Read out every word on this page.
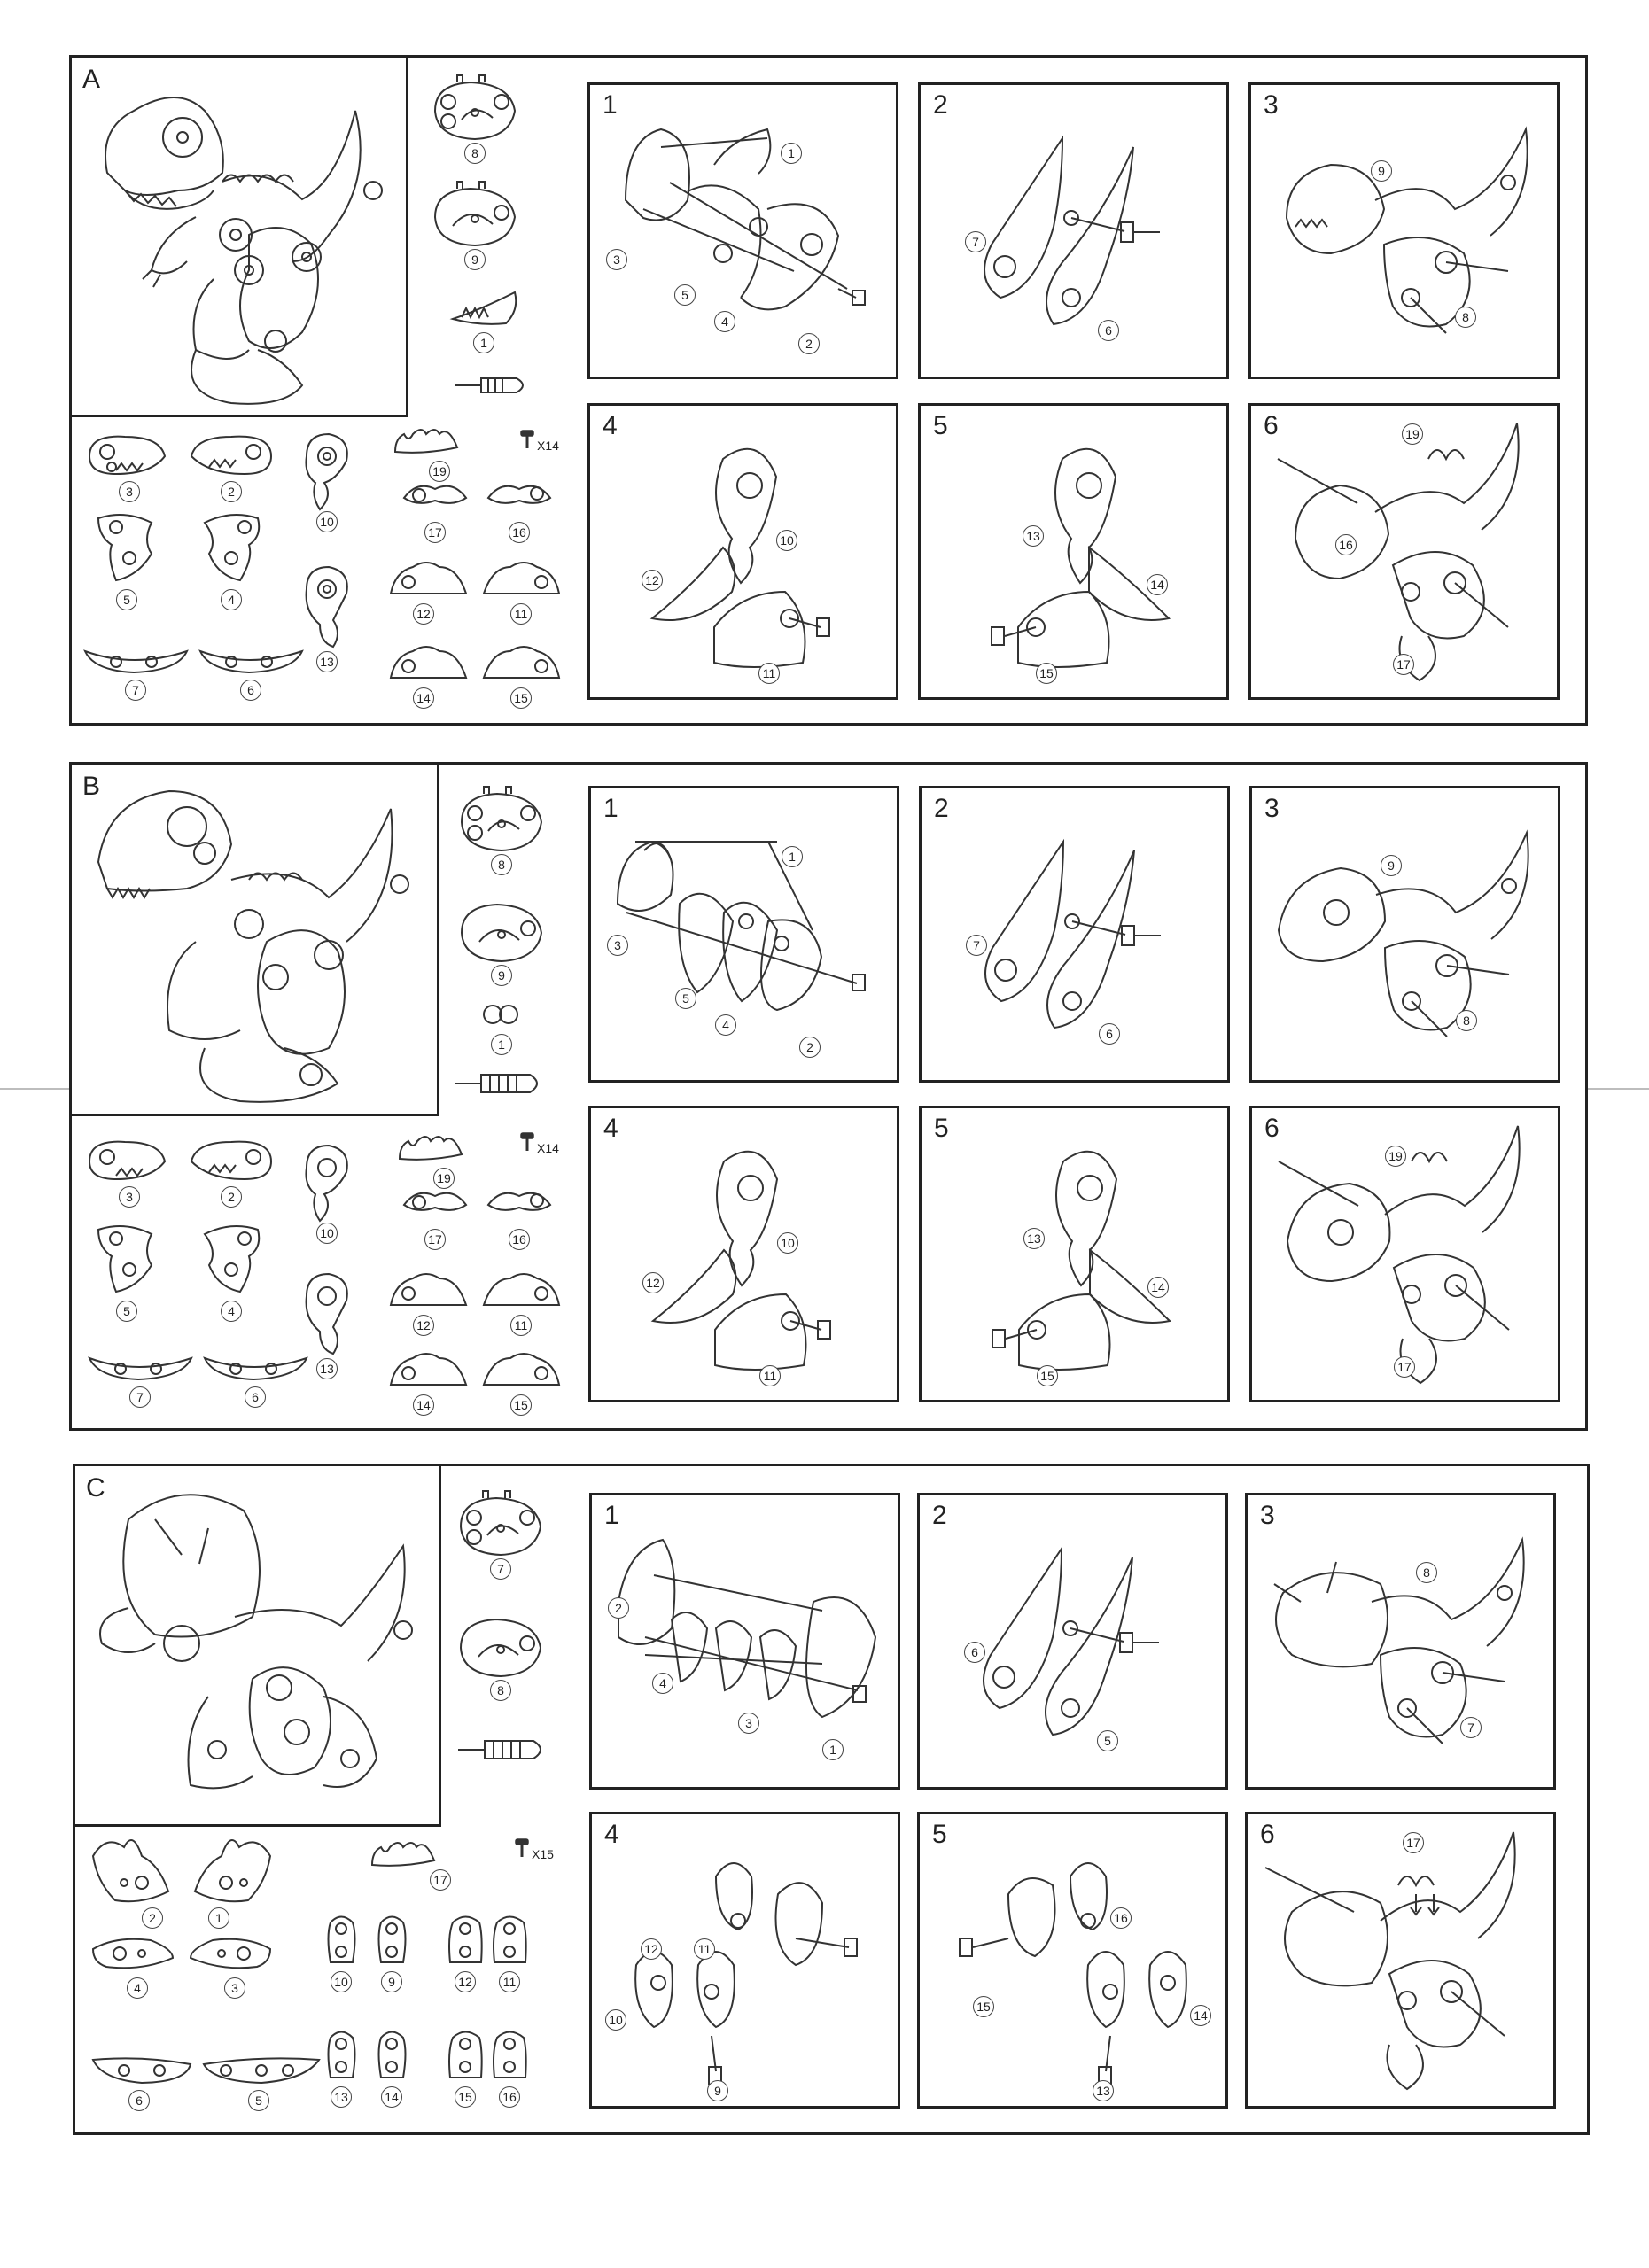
A
8
9
1
3	2
5	4
7	6
10
13
19
X14
17	16
12	11
14	15
1
1
2
3
4
5
2
6
7
3
8
9
4
10
11
12
5
13
14
15
6
16
17
19
B
8
9
1
3	2
5	4
7	6
10
13
19
X14
17	16
12	11
14	15
1
1
2
3
4
5
2
6
7
3
8
9
4
10
11
12
5
13
14
15
6
17
19
C
7
8
2	1
4	3
6	5
17
X15
10	9	12	11
13	14	15	16
1
1
2
3
4
2
5
6
3
7
8
4
9
10
11
12
5
13
14
15
16
6	17
